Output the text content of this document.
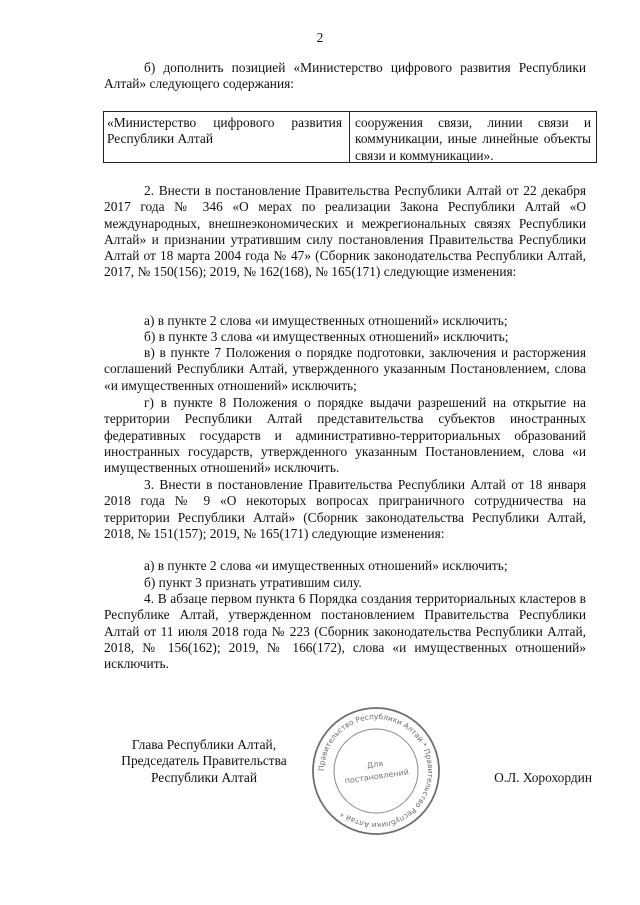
2

б) дополнить позицией «Министерство цифрового развития Республики Алтай» следующего содержания:

«Министерство цифрового развития Республики Алтай
сооружения связи, линии связи и коммуникации, иные линейные объекты связи и коммуникации».

2. Внести в постановление Правительства Республики Алтай от 22 декабря 2017 года № 346 «О мерах по реализации Закона Республики Алтай «О международных, внешнеэкономических и межрегиональных связях Республики Алтай» и признании утратившим силу постановления Правительства Республики Алтай от 18 марта 2004 года № 47» (Сборник законодательства Республики Алтай, 2017, № 150(156); 2019, № 162(168), № 165(171) следующие изменения:

а) в пункте 2 слова «и имущественных отношений» исключить;

б) в пункте 3 слова «и имущественных отношений» исключить;

в) в пункте 7 Положения о порядке подготовки, заключения и расторжения соглашений Республики Алтай, утвержденного указанным Постановлением, слова «и имущественных отношений» исключить;

г) в пункте 8 Положения о порядке выдачи разрешений на открытие на территории Республики Алтай представительства субъектов иностранных федеративных государств и административно-территориальных образований иностранных государств, утвержденного указанным Постановлением, слова «и имущественных отношений» исключить.

3. Внести в постановление Правительства Республики Алтай от 18 января 2018 года № 9 «О некоторых вопросах приграничного сотрудничества на территории Республики Алтай» (Сборник законодательства Республики Алтай, 2018, № 151(157); 2019, № 165(171) следующие изменения:

а) в пункте 2 слова «и имущественных отношений» исключить;

б) пункт 3 признать утратившим силу.

4. В абзаце первом пункта 6 Порядка создания территориальных кластеров в Республике Алтай, утвержденном постановлением Правительства Республики Алтай от 11 июля 2018 года № 223 (Сборник законодательства Республики Алтай, 2018, № 156(162); 2019, № 166(172), слова «и имущественных отношений» исключить.

Глава Республики Алтай,
Председатель Правительства
Республики Алтай
Правительство Республики Алтай * Правительство Республики Алтай *
Для
постановлений	О.Л. Хорохордин
